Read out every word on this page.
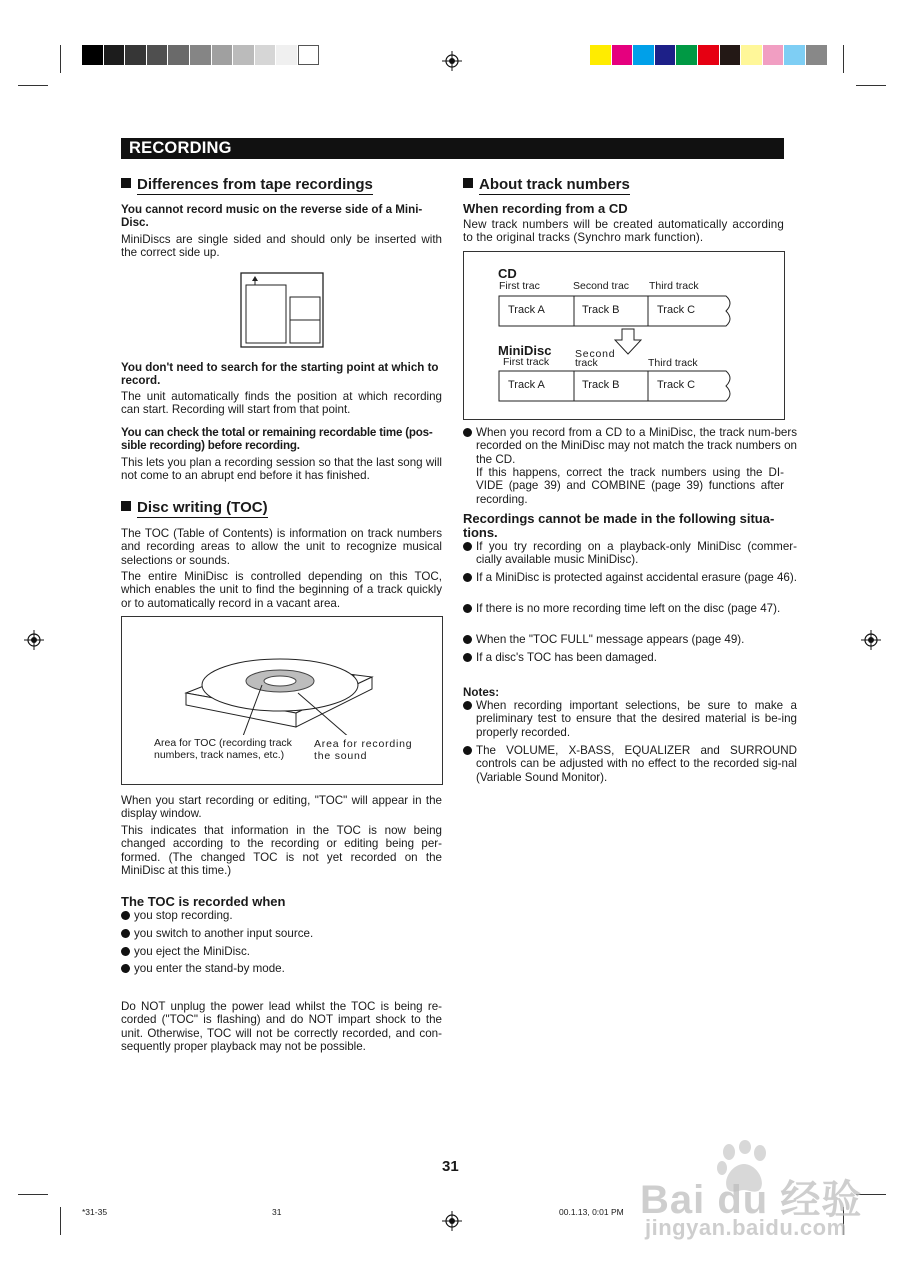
RECORDING
Differences from tape recordings
You cannot record music on the reverse side of a Mini-Disc.
MiniDiscs are single sided and should only be inserted with the correct side up.
You don't need to search for the starting point at which to record.
The unit automatically finds the position at which recording can start. Recording will start from that point.
You can check the total or remaining recordable time (pos-sible recording) before recording.
This lets you plan a recording session so that the last song will not come to an abrupt end before it has finished.
Disc writing (TOC)
The TOC (Table of Contents) is information on track numbers and recording areas to allow the unit to recognize musical selections or sounds.
The entire MiniDisc is controlled depending on this TOC, which enables the unit to find the beginning of a track quickly or to automatically record in a vacant area.
Area for TOC (recording track numbers, track names, etc.)
Area for recording the sound
When you start recording or editing, "TOC" will appear in the display window.
This indicates that information in the TOC is now being changed according to the recording or editing being per-formed. (The changed TOC is not yet recorded on the MiniDisc at this time.)
The TOC is recorded when
you stop recording.
you switch to another input source.
you eject the MiniDisc.
you enter the stand-by mode.
Do NOT unplug the power lead whilst the TOC is being re-corded ("TOC" is flashing) and do NOT impart shock to the unit. Otherwise, TOC will not be correctly recorded, and con-sequently proper playback may not be possible.
About track numbers
When recording from a CD
New track numbers will be created automatically according to the original tracks (Synchro mark function).
CD
First trac	Second trac Third track
Track A	Track B	Track C
MiniDisc
First track
Second
track	Third track
Track A	Track B	Track C
When you record from a CD to a MiniDisc, the track num-bers recorded on the MiniDisc may not match the track numbers on the CD.
If this happens, correct the track numbers using the DI-VIDE (page 39) and COMBINE (page 39) functions after recording.
Recordings cannot be made in the following situa-tions.
If you try recording on a playback-only MiniDisc (commer-cially available music MiniDisc).
If a MiniDisc is protected against accidental erasure (page 46).
If there is no more recording time left on the disc (page 47).
When the "TOC FULL" message appears (page 49).
If a disc's TOC has been damaged.
Notes:
When recording important selections, be sure to make a preliminary test to ensure that the desired material is be-ing properly recorded.
The VOLUME, X-BASS, EQUALIZER and SURROUND controls can be adjusted with no effect to the recorded sig-nal (Variable Sound Monitor).
31
*31-35	31	00.1.13, 0:01 PM Bai du 经验
jingyan.baidu.com
